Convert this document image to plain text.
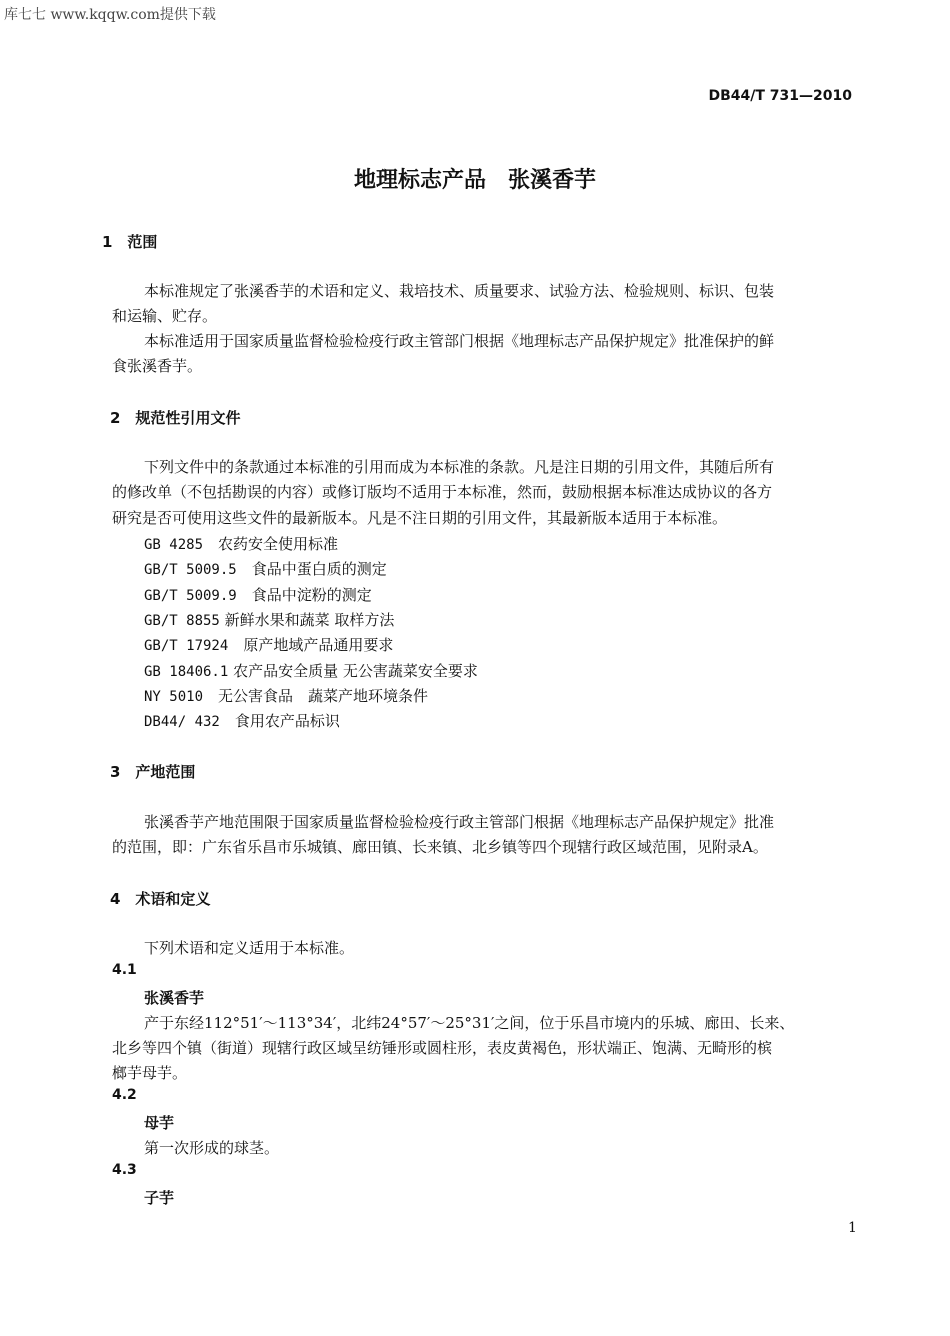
库七七 www.kqqw.com提供下载
DB44/T 731—2010
地理标志产品　张溪香芋
1　范围
本标准规定了张溪香芋的术语和定义、栽培技术、质量要求、试验方法、检验规则、标识、包装
和运输、贮存。
本标准适用于国家质量监督检验检疫行政主管部门根据《地理标志产品保护规定》批准保护的鲜
食张溪香芋。
2　规范性引用文件
下列文件中的条款通过本标准的引用而成为本标准的条款。凡是注日期的引用文件，其随后所有
的修改单（不包括勘误的内容）或修订版均不适用于本标准，然而，鼓励根据本标准达成协议的各方
研究是否可使用这些文件的最新版本。凡是不注日期的引用文件，其最新版本适用于本标准。
GB 4285　 农药安全使用标准
GB/T 5009.5　 食品中蛋白质的测定
GB/T 5009.9　 食品中淀粉的测定
GB/T 8855 新鲜水果和蔬菜 取样方法
GB/T 17924　 原产地域产品通用要求
GB 18406.1 农产品安全质量 无公害蔬菜安全要求
NY 5010　 无公害食品　蔬菜产地环境条件
DB44/ 432　 食用农产品标识
3　产地范围
张溪香芋产地范围限于国家质量监督检验检疫行政主管部门根据《地理标志产品保护规定》批准
的范围，即：广东省乐昌市乐城镇、廊田镇、长来镇、北乡镇等四个现辖行政区域范围，见附录A。
4　术语和定义
下列术语和定义适用于本标准。
4.1
张溪香芋
产于东经112°51′～113°34′，北纬24°57′～25°31′之间，位于乐昌市境内的乐城、廊田、长来、
北乡等四个镇（街道）现辖行政区域呈纺锤形或圆柱形，表皮黄褐色，形状端正、饱满、无畸形的槟
榔芋母芋。
4.2
母芋
第一次形成的球茎。
4.3
子芋
1
